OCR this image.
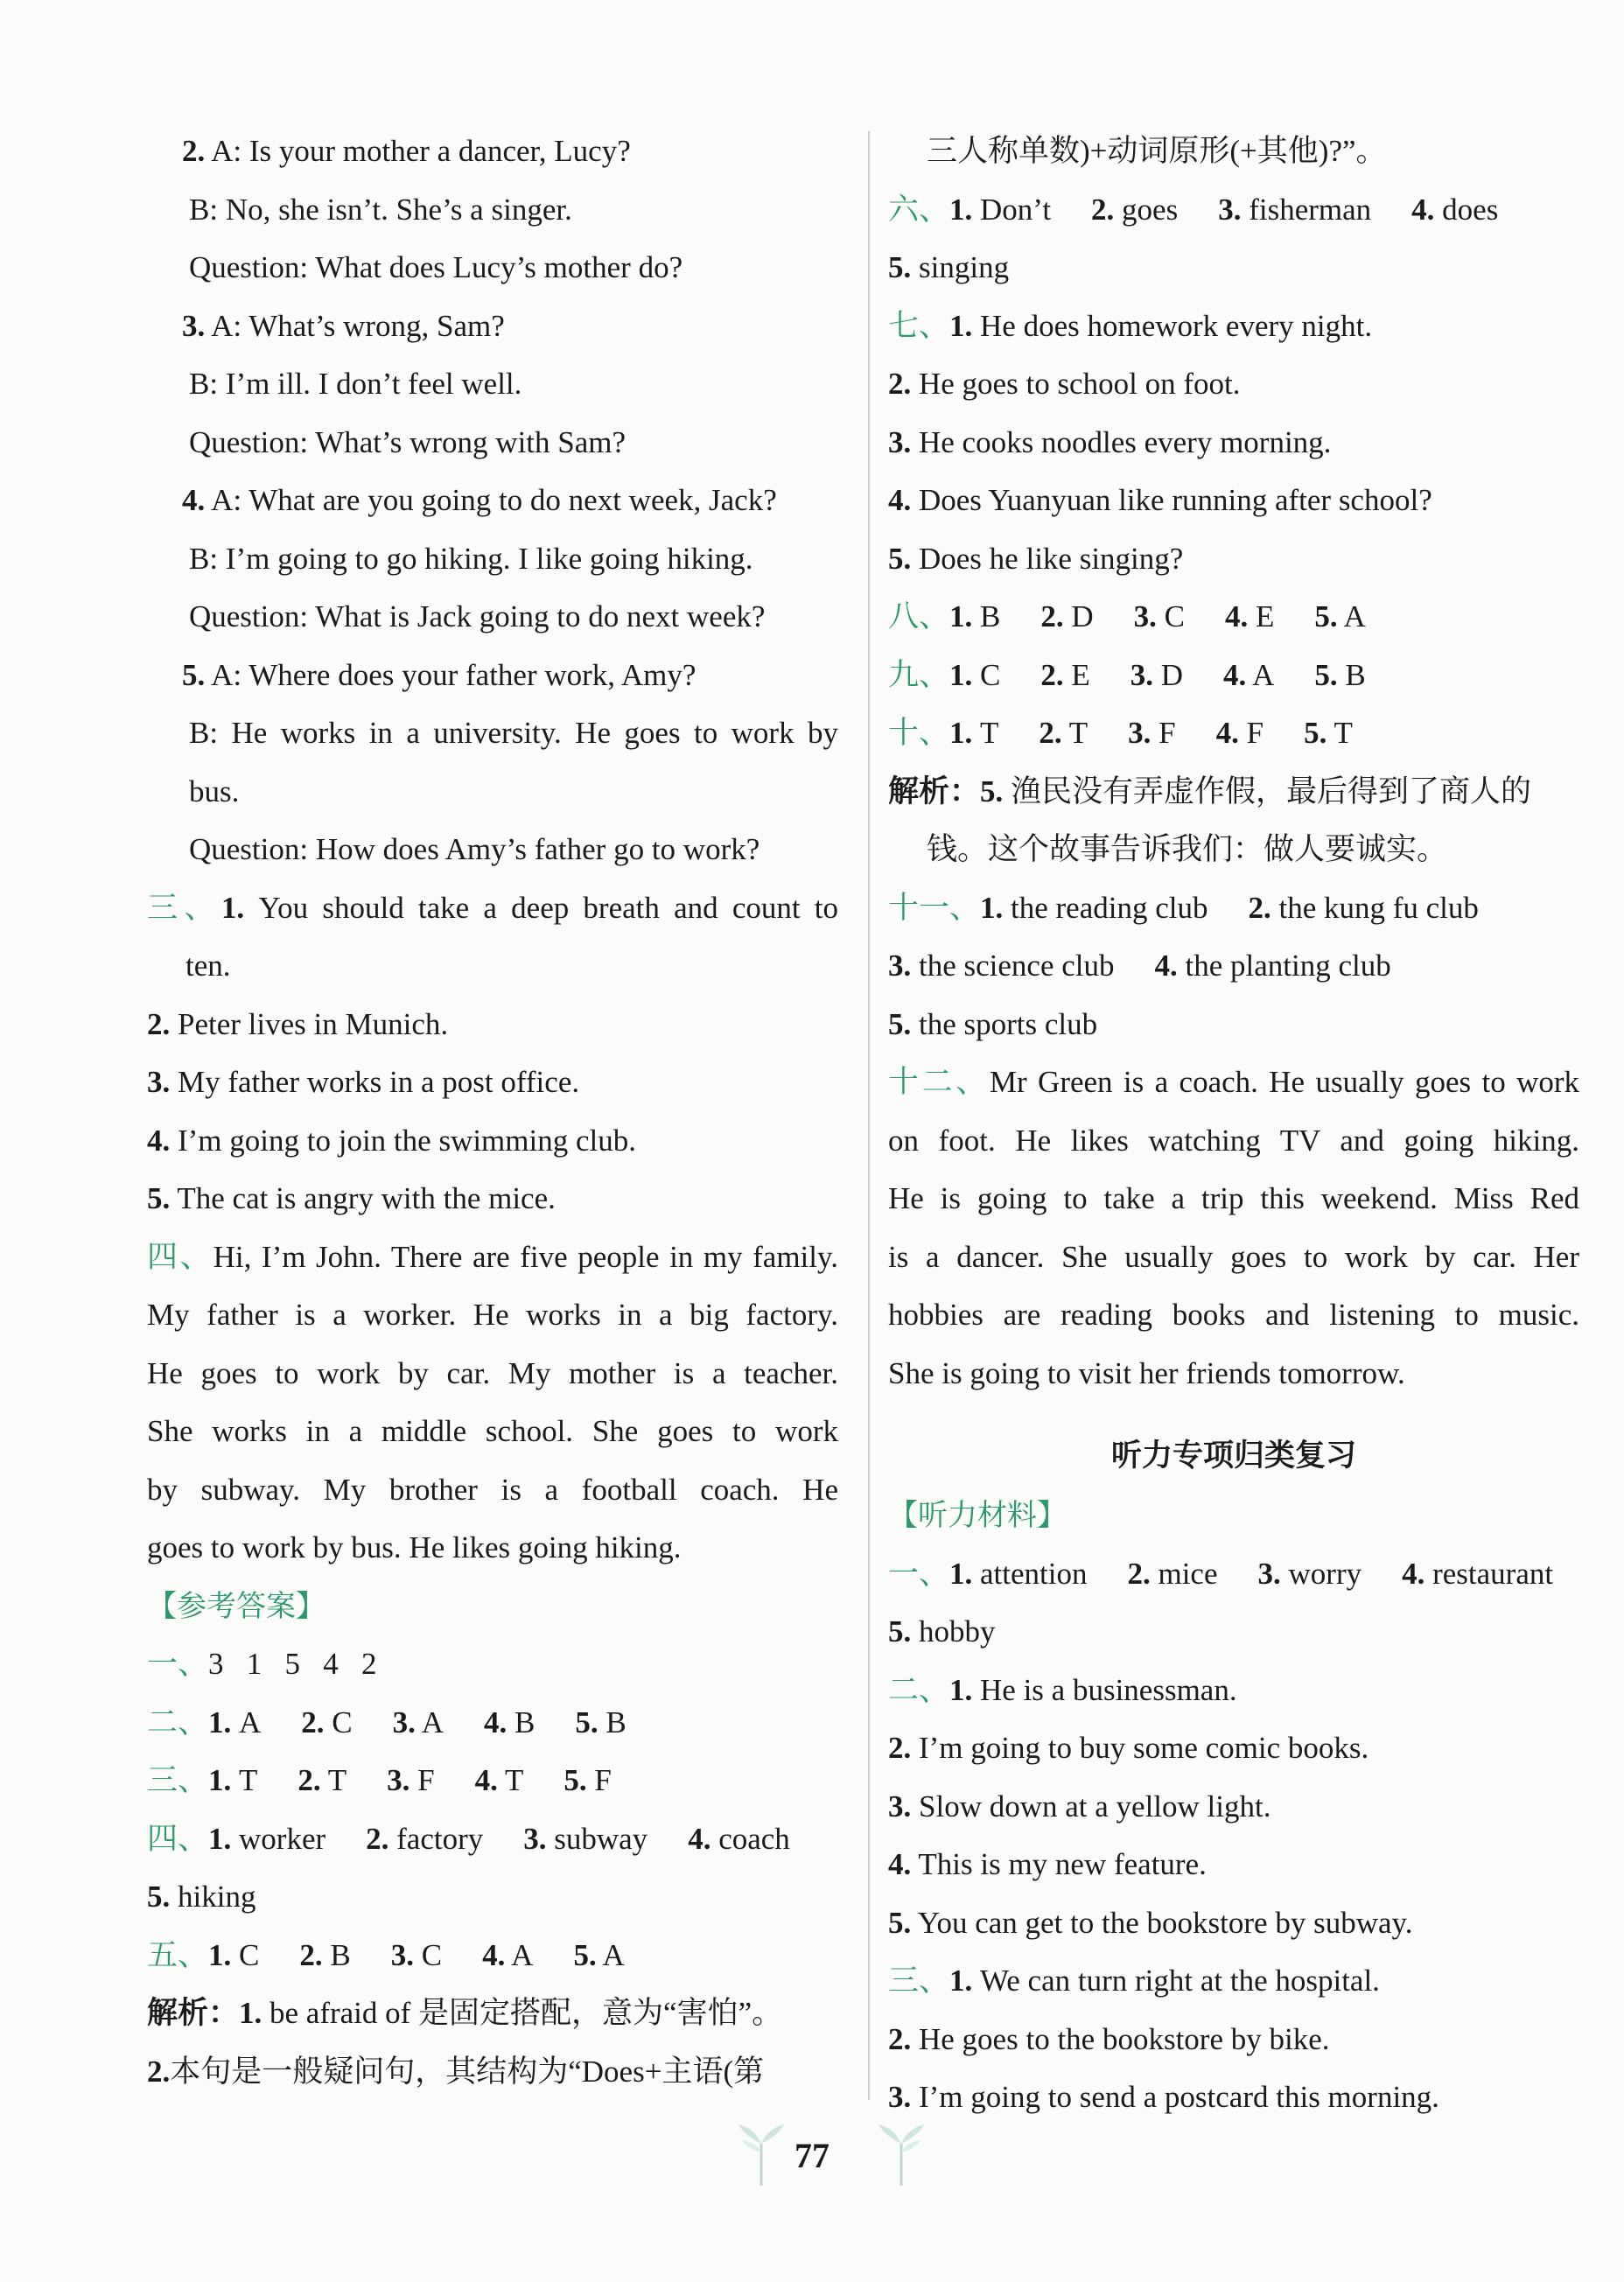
2. A: Is your mother a dancer, Lucy?
B: No, she isn’t. She’s a singer.
Question: What does Lucy’s mother do?
3. A: What’s wrong, Sam?
B: I’m ill. I don’t feel well.
Question: What’s wrong with Sam?
4. A: What are you going to do next week, Jack?
B: I’m going to go hiking. I like going hiking.
Question: What is Jack going to do next week?
5. A: Where does your father work, Amy?
B: He works in a university. He goes to work by
bus.
Question: How does Amy’s father go to work?
三、1. You should take a deep breath and count to
ten.
2. Peter lives in Munich.
3. My father works in a post office.
4. I’m going to join the swimming club.
5. The cat is angry with the mice.
四、Hi, I’m John. There are five people in my family.
My father is a worker. He works in a big factory.
He goes to work by car. My mother is a teacher.
She works in a middle school. She goes to work
by subway. My brother is a football coach. He
goes to work by bus. He likes going hiking.
【参考答案】
一、3   1   5   4   2
二、1. A 2. C 3. A 4. B 5. B
三、1. T 2. T 3. F 4. T 5. F
四、1. worker 2. factory 3. subway 4. coach
5. hiking
五、1. C 2. B 3. C 4. A 5. A
解析：1. be afraid of 是固定搭配，意为“害怕”。
2.本句是一般疑问句，其结构为“Does+主语(第
三人称单数)+动词原形(+其他)?”。
六、1. Don’t 2. goes 3. fisherman 4. does
5. singing
七、1. He does homework every night.
2. He goes to school on foot.
3. He cooks noodles every morning.
4. Does Yuanyuan like running after school?
5. Does he like singing?
八、1. B 2. D 3. C 4. E 5. A
九、1. C 2. E 3. D 4. A 5. B
十、1. T 2. T 3. F 4. F 5. T
解析：5. 渔民没有弄虚作假，最后得到了商人的
钱。这个故事告诉我们：做人要诚实。
十一、1. the reading club 2. the kung fu club
3. the science club 4. the planting club
5. the sports club
十二、Mr Green is a coach. He usually goes to work
on foot. He likes watching TV and going hiking.
He is going to take a trip this weekend. Miss Red
is a dancer. She usually goes to work by car. Her
hobbies are reading books and listening to music.
She is going to visit her friends tomorrow.
听力专项归类复习
【听力材料】
一、1. attention 2. mice 3. worry 4. restaurant
5. hobby
二、1. He is a businessman.
2. I’m going to buy some comic books.
3. Slow down at a yellow light.
4. This is my new feature.
5. You can get to the bookstore by subway.
三、1. We can turn right at the hospital.
2. He goes to the bookstore by bike.
3. I’m going to send a postcard this morning.
77
